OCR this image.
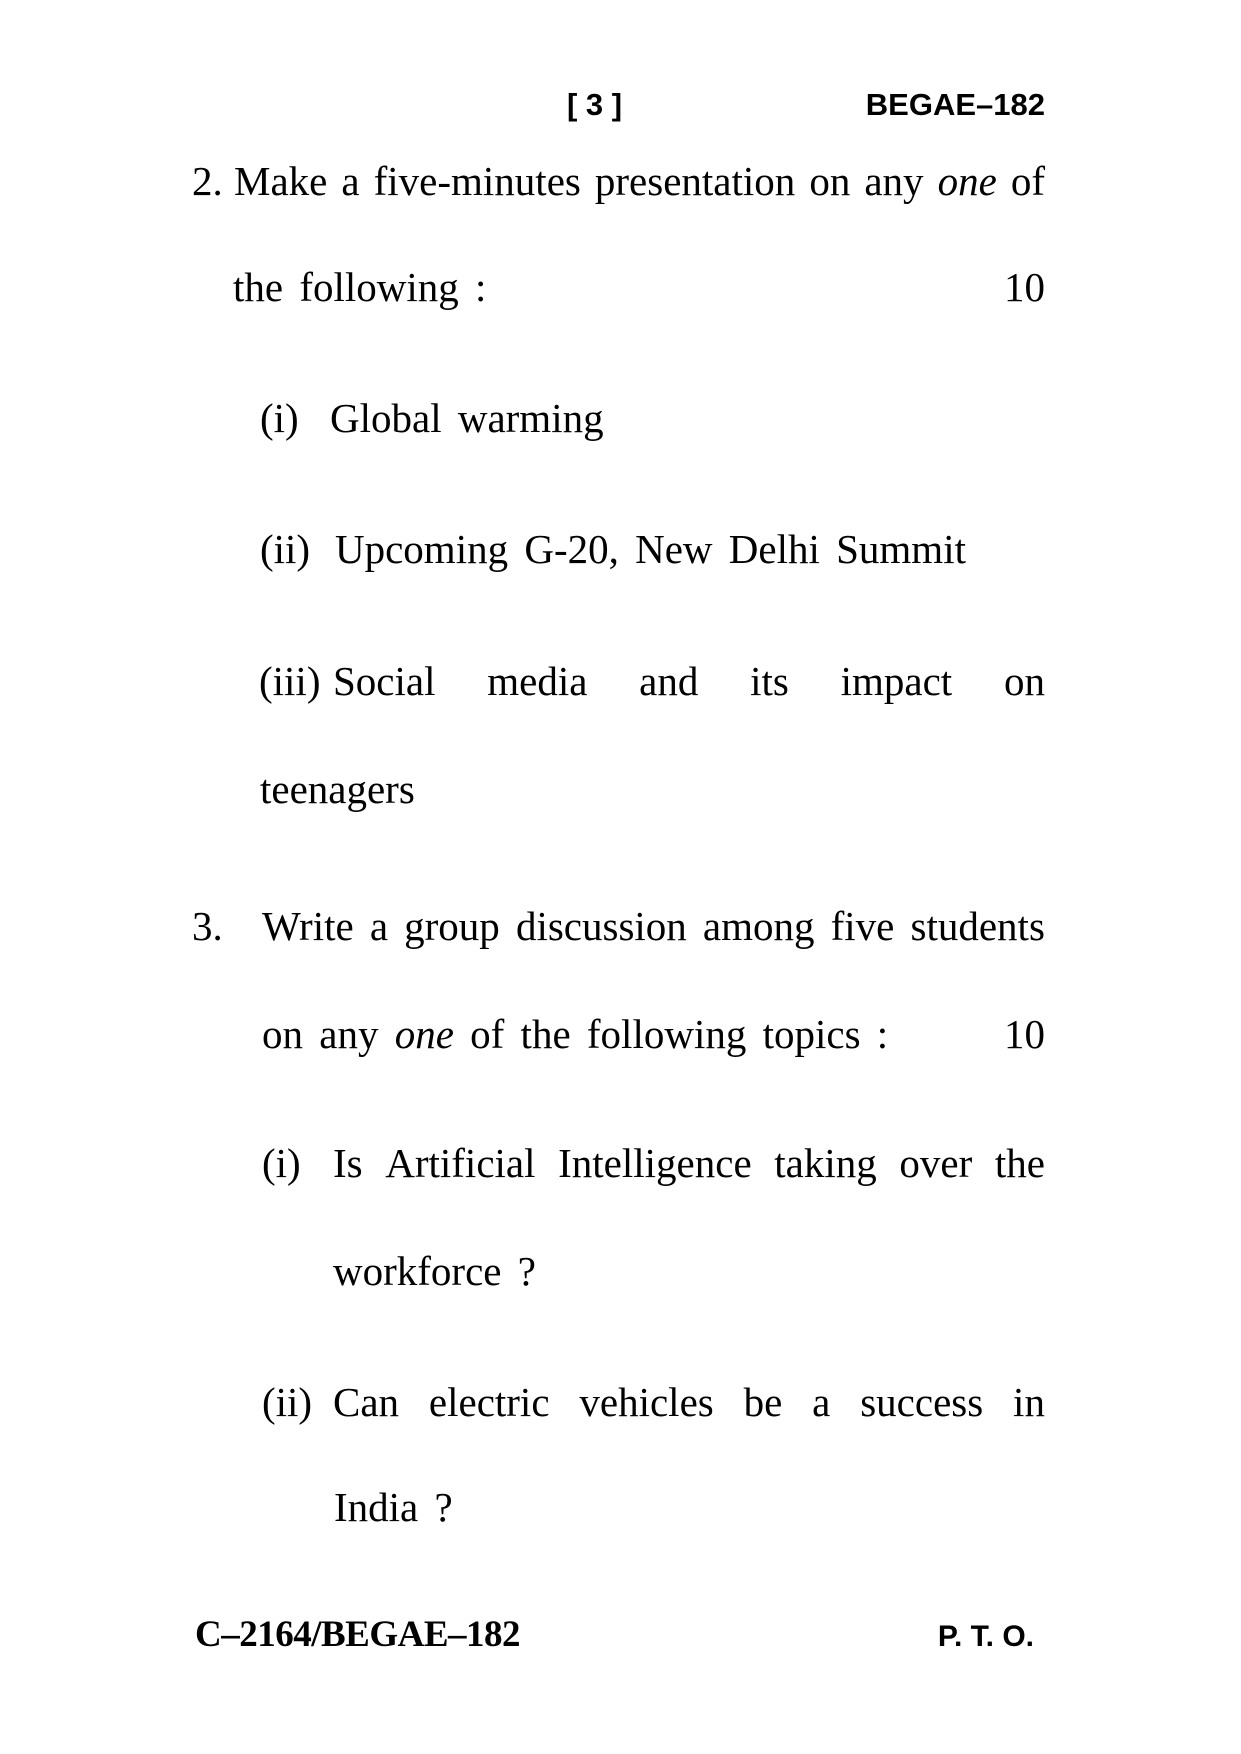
[ 3 ]	BEGAE–182
2. Make a five-minutes presentation on any one of
the following :	10
(i) Global warming
(ii) Upcoming G-20, New Delhi Summit
(iii) Social media and its impact on
teenagers
3. Write a group discussion among five students
on any one of the following topics :	10
(i) Is Artificial Intelligence taking over the
workforce ?
(ii) Can electric vehicles be a success in
India ?
C–2164/BEGAE–182	P. T. O.
